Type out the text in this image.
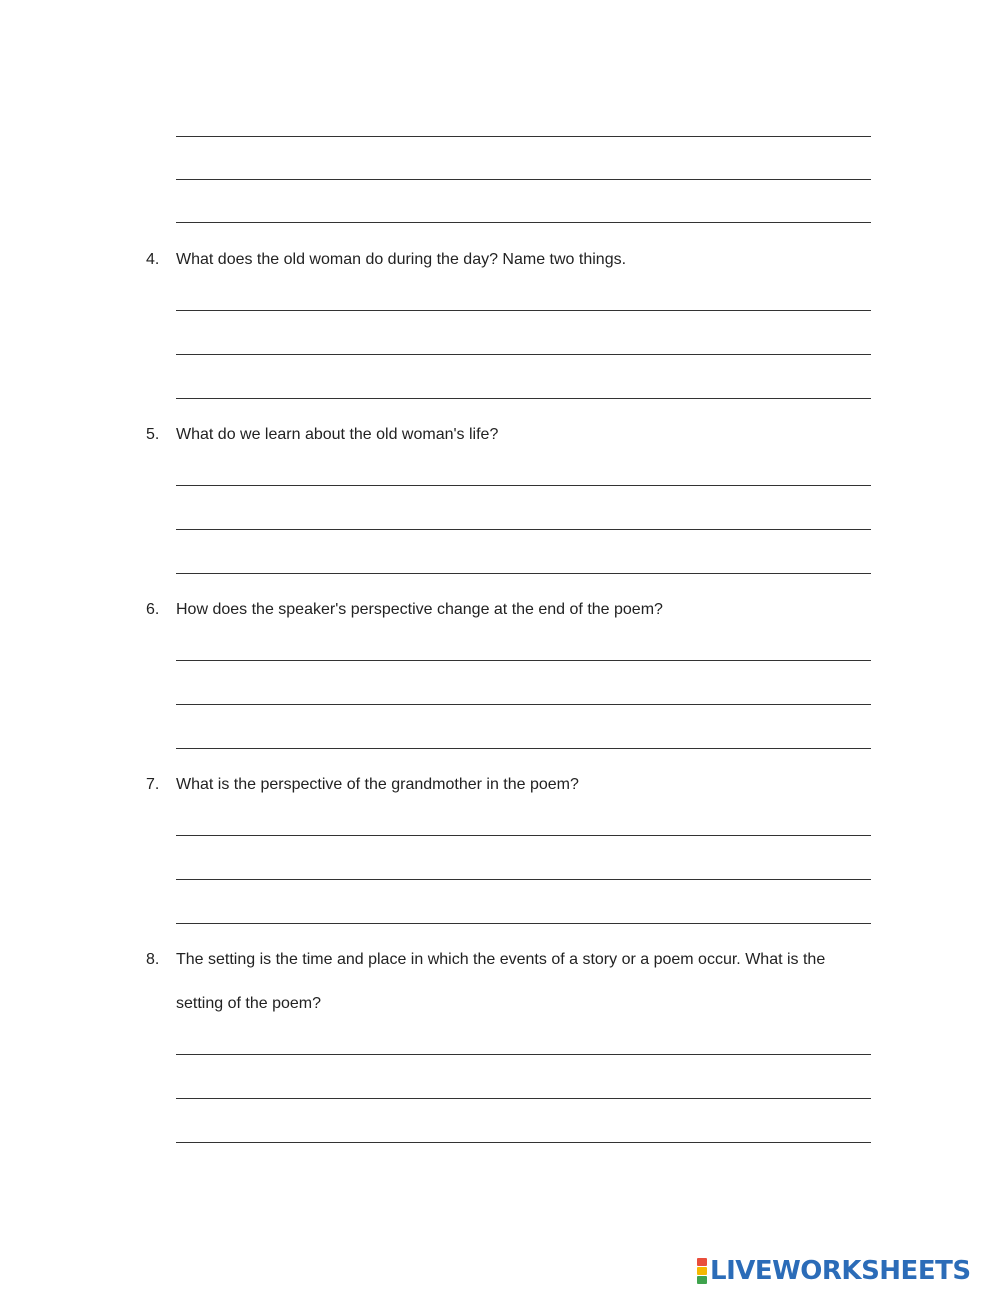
4. What does the old woman do during the day? Name two things.
5. What do we learn about the old woman's life?
6. How does the speaker's perspective change at the end of the poem?
7. What is the perspective of the grandmother in the poem?
8. The setting is the time and place in which the events of a story or a poem occur. What is the
setting of the poem?
LIVEWORKSHEETS
